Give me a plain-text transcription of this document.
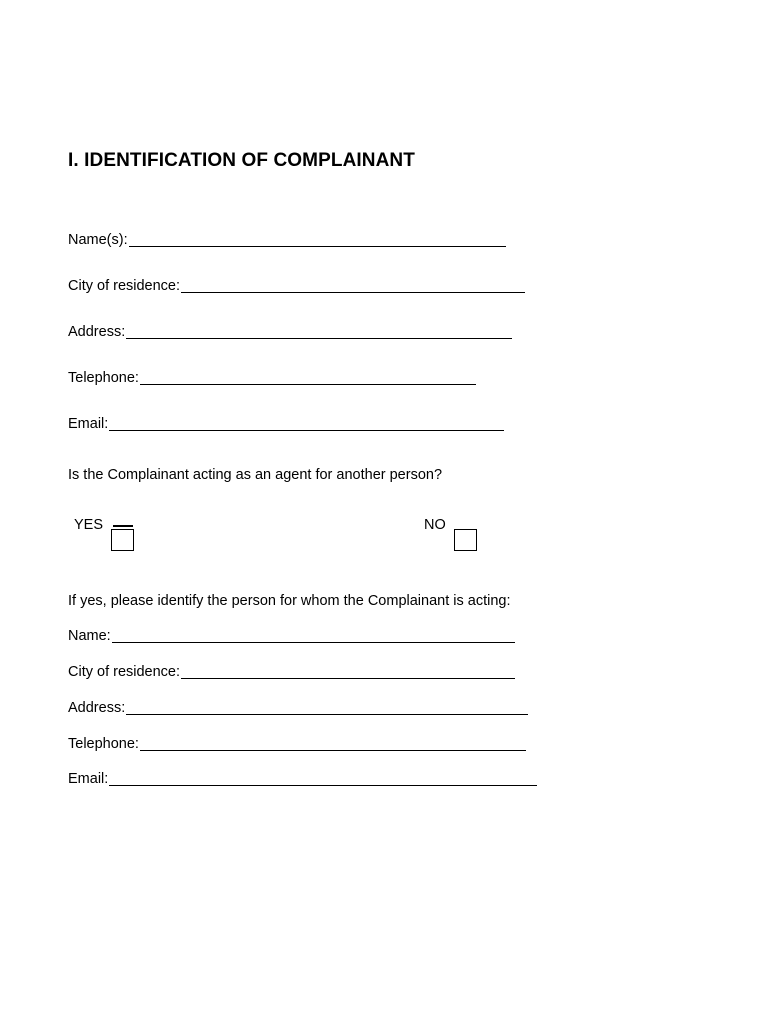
I. IDENTIFICATION OF COMPLAINANT
Name(s):
City of residence:
Address:
Telephone:
Email:
Is the Complainant acting as an agent for another person?
YES	NO
If yes, please identify the person for whom the Complainant is acting:
Name:
City of residence:
Address:
Telephone:
Email:
